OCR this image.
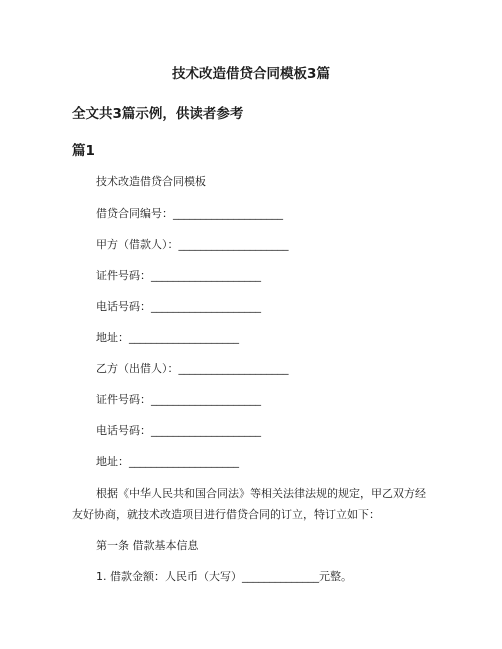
技术改造借贷合同模板3篇
全文共3篇示例，供读者参考
篇1

技术改造借贷合同模板

借贷合同编号：____________________

甲方（借款人）：____________________

证件号码：____________________

电话号码：____________________

地址：____________________

乙方（出借人）：____________________

证件号码：____________________

电话号码：____________________

地址：____________________

根据《中华人民共和国合同法》等相关法律法规的规定，甲乙双方经友好协商，就技术改造项目进行借贷合同的订立，特订立如下：

第一条 借款基本信息

1. 借款金额：人民币（大写）______________元整。
